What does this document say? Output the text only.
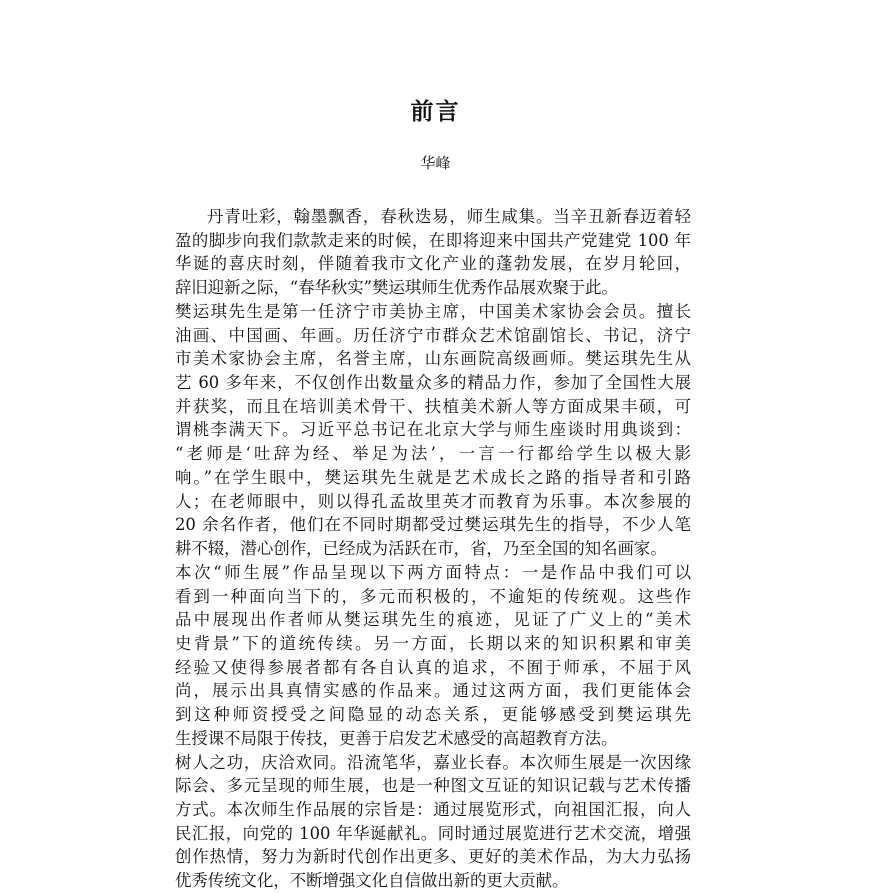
前言

华峰

丹青吐彩，翰墨飘香，春秋迭易，师生咸集。当辛丑新春迈着轻
盈的脚步向我们款款走来的时候，在即将迎来中国共产党建党 100 年
华诞的喜庆时刻，伴随着我市文化产业的蓬勃发展，在岁月轮回，
辞旧迎新之际，“春华秋实”樊运琪师生优秀作品展欢聚于此。
樊运琪先生是第一任济宁市美协主席，中国美术家协会会员。擅长
油画、中国画、年画。历任济宁市群众艺术馆副馆长、书记，济宁
市美术家协会主席，名誉主席，山东画院高级画师。樊运琪先生从
艺 60 多年来，不仅创作出数量众多的精品力作，参加了全国性大展
并获奖，而且在培训美术骨干、扶植美术新人等方面成果丰硕，可
谓桃李满天下。习近平总书记在北京大学与师生座谈时用典谈到：
“老师是‘吐辞为经、举足为法’，一言一行都给学生以极大影
响。”在学生眼中，樊运琪先生就是艺术成长之路的指导者和引路
人；在老师眼中，则以得孔孟故里英才而教育为乐事。本次参展的
20 余名作者，他们在不同时期都受过樊运琪先生的指导，不少人笔
耕不辍，潜心创作，已经成为活跃在市，省，乃至全国的知名画家。
本次“师生展”作品呈现以下两方面特点：一是作品中我们可以
看到一种面向当下的，多元而积极的，不逾矩的传统观。这些作
品中展现出作者师从樊运琪先生的痕迹，见证了广义上的“美术
史背景”下的道统传续。另一方面，长期以来的知识积累和审美
经验又使得参展者都有各自认真的追求，不囿于师承，不屈于风
尚，展示出具真情实感的作品来。通过这两方面，我们更能体会
到这种师资授受之间隐显的动态关系，更能够感受到樊运琪先
生授课不局限于传技，更善于启发艺术感受的高超教育方法。
树人之功，庆洽欢同。沿流笔华，嘉业长春。本次师生展是一次因缘
际会、多元呈现的师生展，也是一种图文互证的知识记载与艺术传播
方式。本次师生作品展的宗旨是：通过展览形式，向祖国汇报，向人
民汇报，向党的 100 年华诞献礼。同时通过展览进行艺术交流，增强
创作热情，努力为新时代创作出更多、更好的美术作品，为大力弘扬
优秀传统文化，不断增强文化自信做出新的更大贡献。
